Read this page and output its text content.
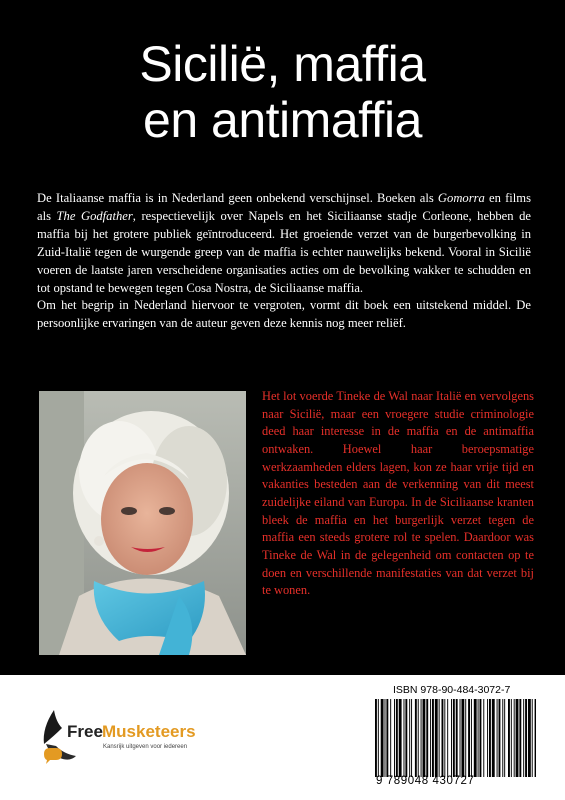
Sicilië, maffia
en antimaffia

De Italiaanse maffia is in Nederland geen onbekend verschijnsel. Boeken als Gomorra en films als The Godfather, respectievelijk over Napels en het Siciliaanse stadje Corleone, hebben de maffia bij het grotere publiek geïntroduceerd. Het groeiende verzet van de burgerbevolking in Zuid-Italië tegen de wurgende greep van de maffia is echter nauwelijks bekend. Vooral in Sicilië voeren de laatste jaren verscheidene organisaties acties om de bevolking wakker te schudden en tot opstand te bewegen tegen Cosa Nostra, de Siciliaanse maffia.

Om het begrip in Nederland hiervoor te vergroten, vormt dit boek een uitstekend middel. De persoonlijke ervaringen van de auteur geven deze kennis nog meer reliëf.

Het lot voerde Tineke de Wal naar Italië en vervolgens naar Sicilië, maar een vroegere studie criminologie deed haar interesse in de maffia en de antimaffia ontwaken. Hoewel haar beroepsmatige werkzaamheden elders lagen, kon ze haar vrije tijd en vakanties besteden aan de verkenning van dit meest zuidelijke eiland van Europa. In de Siciliaanse kranten bleek de maffia en het burgerlijk verzet tegen de maffia een steeds grotere rol te spelen. Daardoor was Tineke de Wal in de gelegenheid om contacten op te doen en verschillende manifestaties van dat verzet bij te wonen.

Free Musketeers
Kansrijk uitgeven voor iedereen
ISBN 978-90-484-3072-7
9 789048 430727
